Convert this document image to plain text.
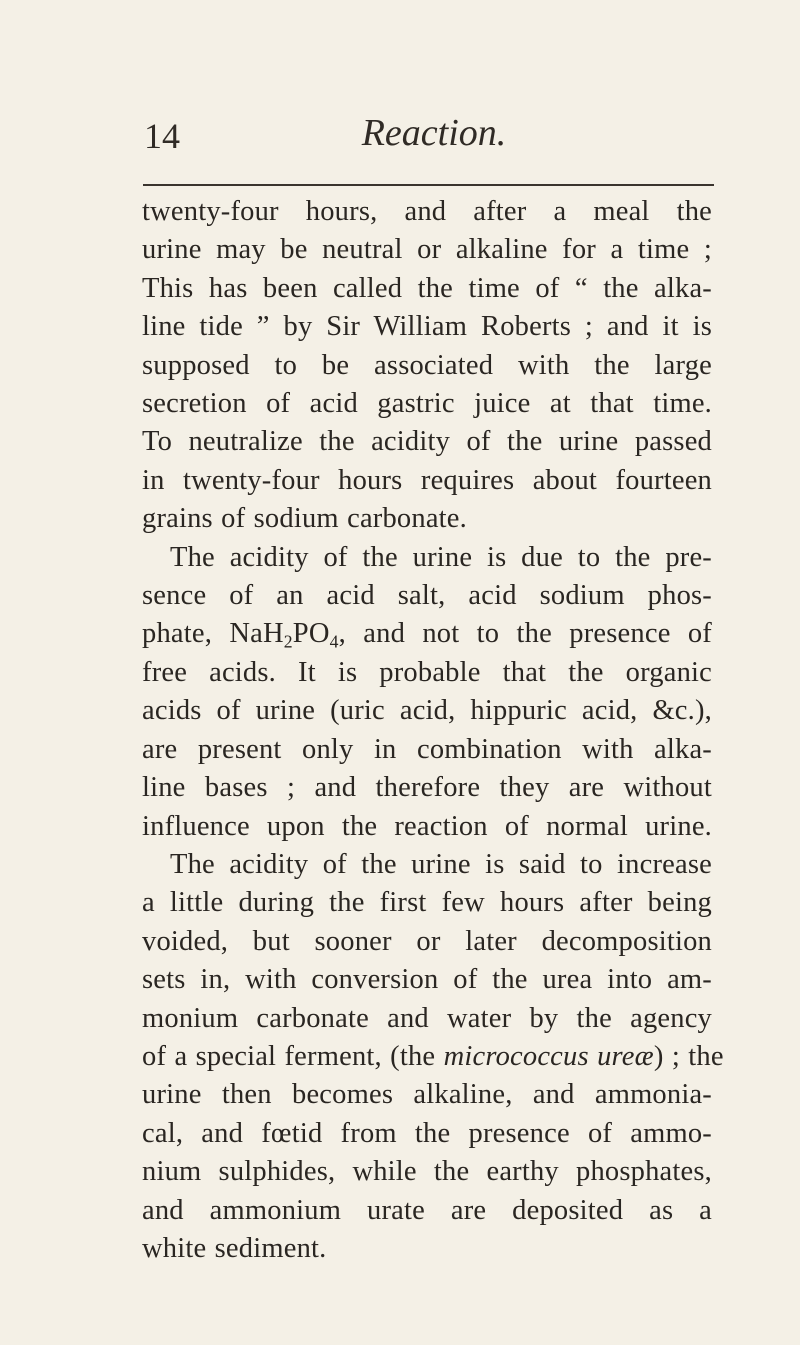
14	Reaction.
twenty-four hours, and after a meal the
urine may be neutral or alkaline for a time ;
This has been called the time of “ the alka-
line tide ” by Sir William Roberts ; and it is
supposed to be associated with the large
secretion of acid gastric juice at that time.
To neutralize the acidity of the urine passed
in twenty-four hours requires about fourteen
grains of sodium carbonate.
The acidity of the urine is due to the pre-
sence of an acid salt, acid sodium phos-
phate, $NaH_2PO_4$, and not to the presence of
free acids. It is probable that the organic
acids of urine (uric acid, hippuric acid, &c.),
are present only in combination with alka-
line bases ; and therefore they are without
influence upon the reaction of normal urine.
The acidity of the urine is said to increase
a little during the first few hours after being
voided, but sooner or later decomposition
sets in, with conversion of the urea into am-
monium carbonate and water by the agency
of a special ferment, (the micrococcus ureæ) ; the
urine then becomes alkaline, and ammonia-
cal, and fœtid from the presence of ammo-
nium sulphides, while the earthy phosphates,
and ammonium urate are deposited as a
white sediment.
